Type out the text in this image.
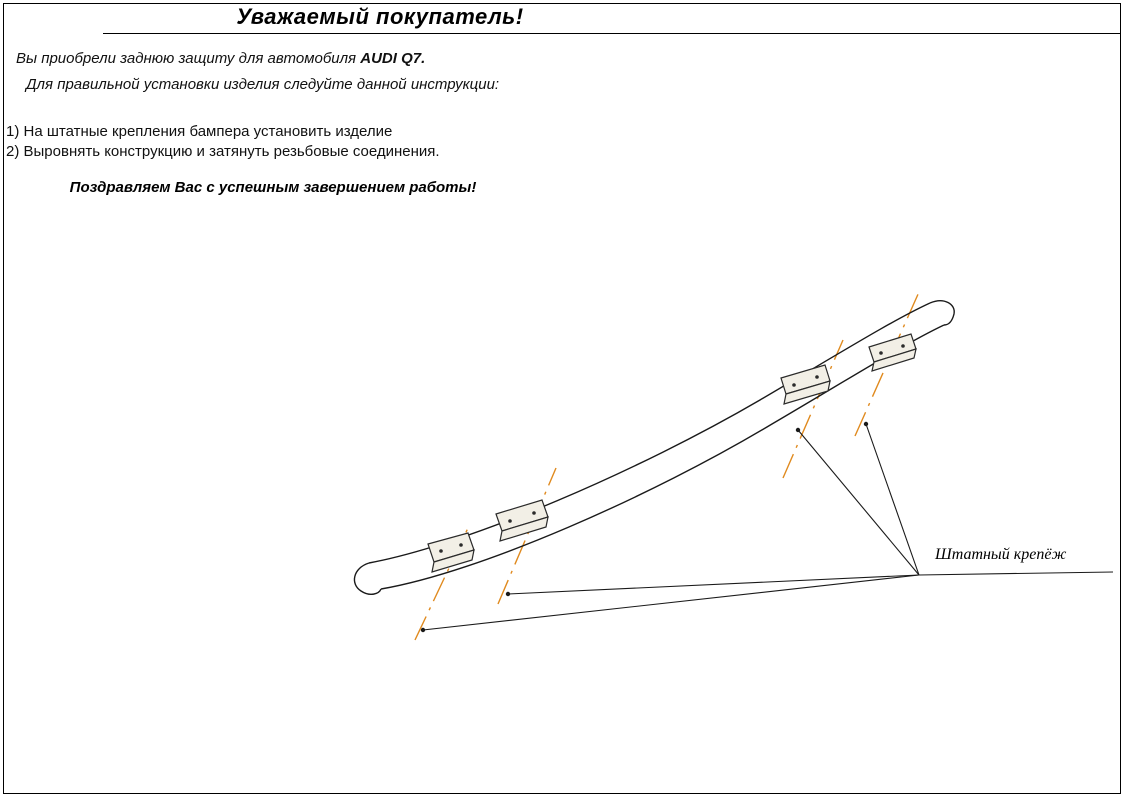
Уважаемый покупатель!
Вы приобрели заднюю защиту для автомобиля AUDI Q7.
Для правильной установки изделия следуйте данной инструкции:
1) На штатные крепления бампера установить изделие
2) Выровнять конструкцию и затянуть резьбовые соединения.
Поздравляем Вас с успешным завершением работы!
Штатный крепёж
